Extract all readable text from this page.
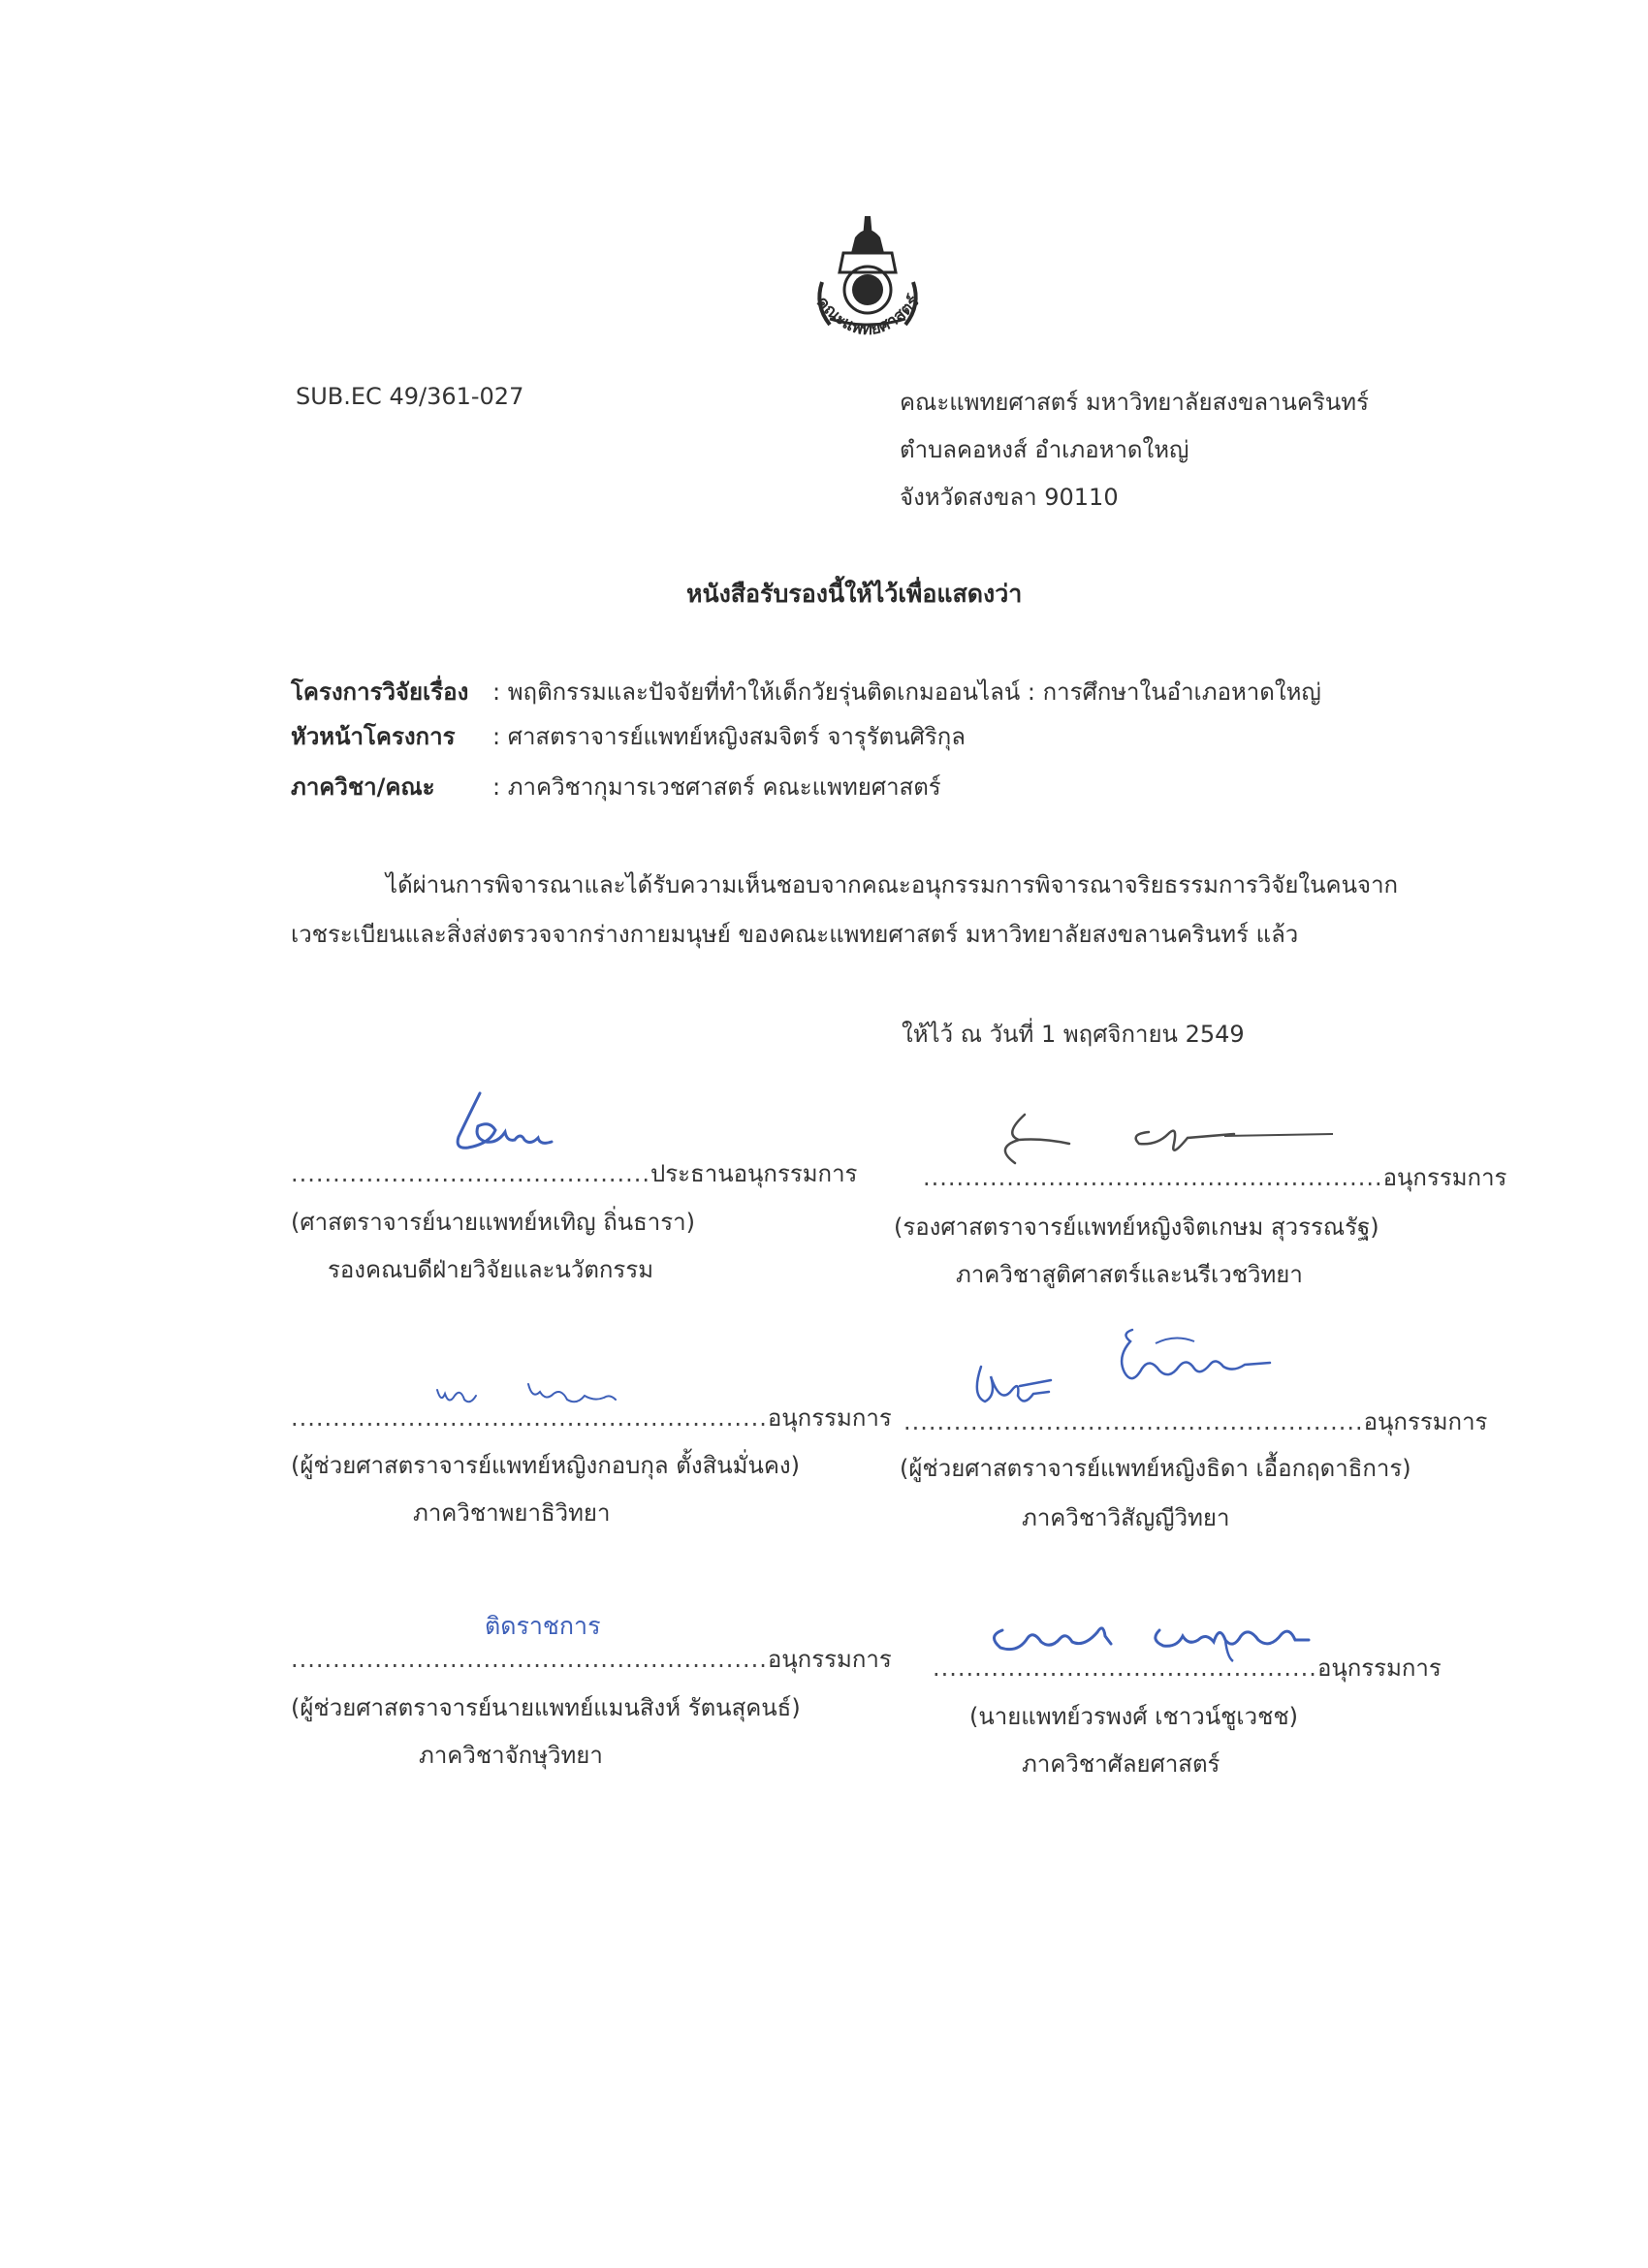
คณะแพทยศาสตร์
SUB.EC 49/361-027	คณะแพทยศาสตร์ มหาวิทยาลัยสงขลานครินทร์
ตำบลคอหงส์ อำเภอหาดใหญ่
จังหวัดสงขลา 90110
หนังสือรับรองนี้ให้ไว้เพื่อแสดงว่า
โครงการวิจัยเรื่อง : พฤติกรรมและปัจจัยที่ทำให้เด็กวัยรุ่นติดเกมออนไลน์ : การศึกษาในอำเภอหาดใหญ่
หัวหน้าโครงการ : ศาสตราจารย์แพทย์หญิงสมจิตร์ จารุรัตนศิริกุล
ภาควิชา/คณะ : ภาควิชากุมารเวชศาสตร์ คณะแพทยศาสตร์
ได้ผ่านการพิจารณาและได้รับความเห็นชอบจากคณะอนุกรรมการพิจารณาจริยธรรมการวิจัยในคนจาก
เวชระเบียนและสิ่งส่งตรวจจากร่างกายมนุษย์ ของคณะแพทยศาสตร์ มหาวิทยาลัยสงขลานครินทร์ แล้ว
ให้ไว้ ณ วันที่ 1 พฤศจิกายน 2549
...........................................ประธานอนุกรรมการ
(ศาสตราจารย์นายแพทย์หเทิญ ถิ่นธารา)
รองคณบดีฝ่ายวิจัยและนวัตกรรม
.......................................................อนุกรรมการ
(รองศาสตราจารย์แพทย์หญิงจิตเกษม สุวรรณรัฐ)
ภาควิชาสูติศาสตร์และนรีเวชวิทยา
.........................................................อนุกรรมการ
(ผู้ช่วยศาสตราจารย์แพทย์หญิงกอบกุล ตั้งสินมั่นคง)
ภาควิชาพยาธิวิทยา
.......................................................อนุกรรมการ
(ผู้ช่วยศาสตราจารย์แพทย์หญิงธิดา เอื้อกฤดาธิการ)
ภาควิชาวิสัญญีวิทยา
ติดราชการ
.........................................................อนุกรรมการ
(ผู้ช่วยศาสตราจารย์นายแพทย์แมนสิงห์ รัตนสุคนธ์)
ภาควิชาจักษุวิทยา
..............................................อนุกรรมการ
(นายแพทย์วรพงศ์ เชาวน์ชูเวชช)
ภาควิชาศัลยศาสตร์
